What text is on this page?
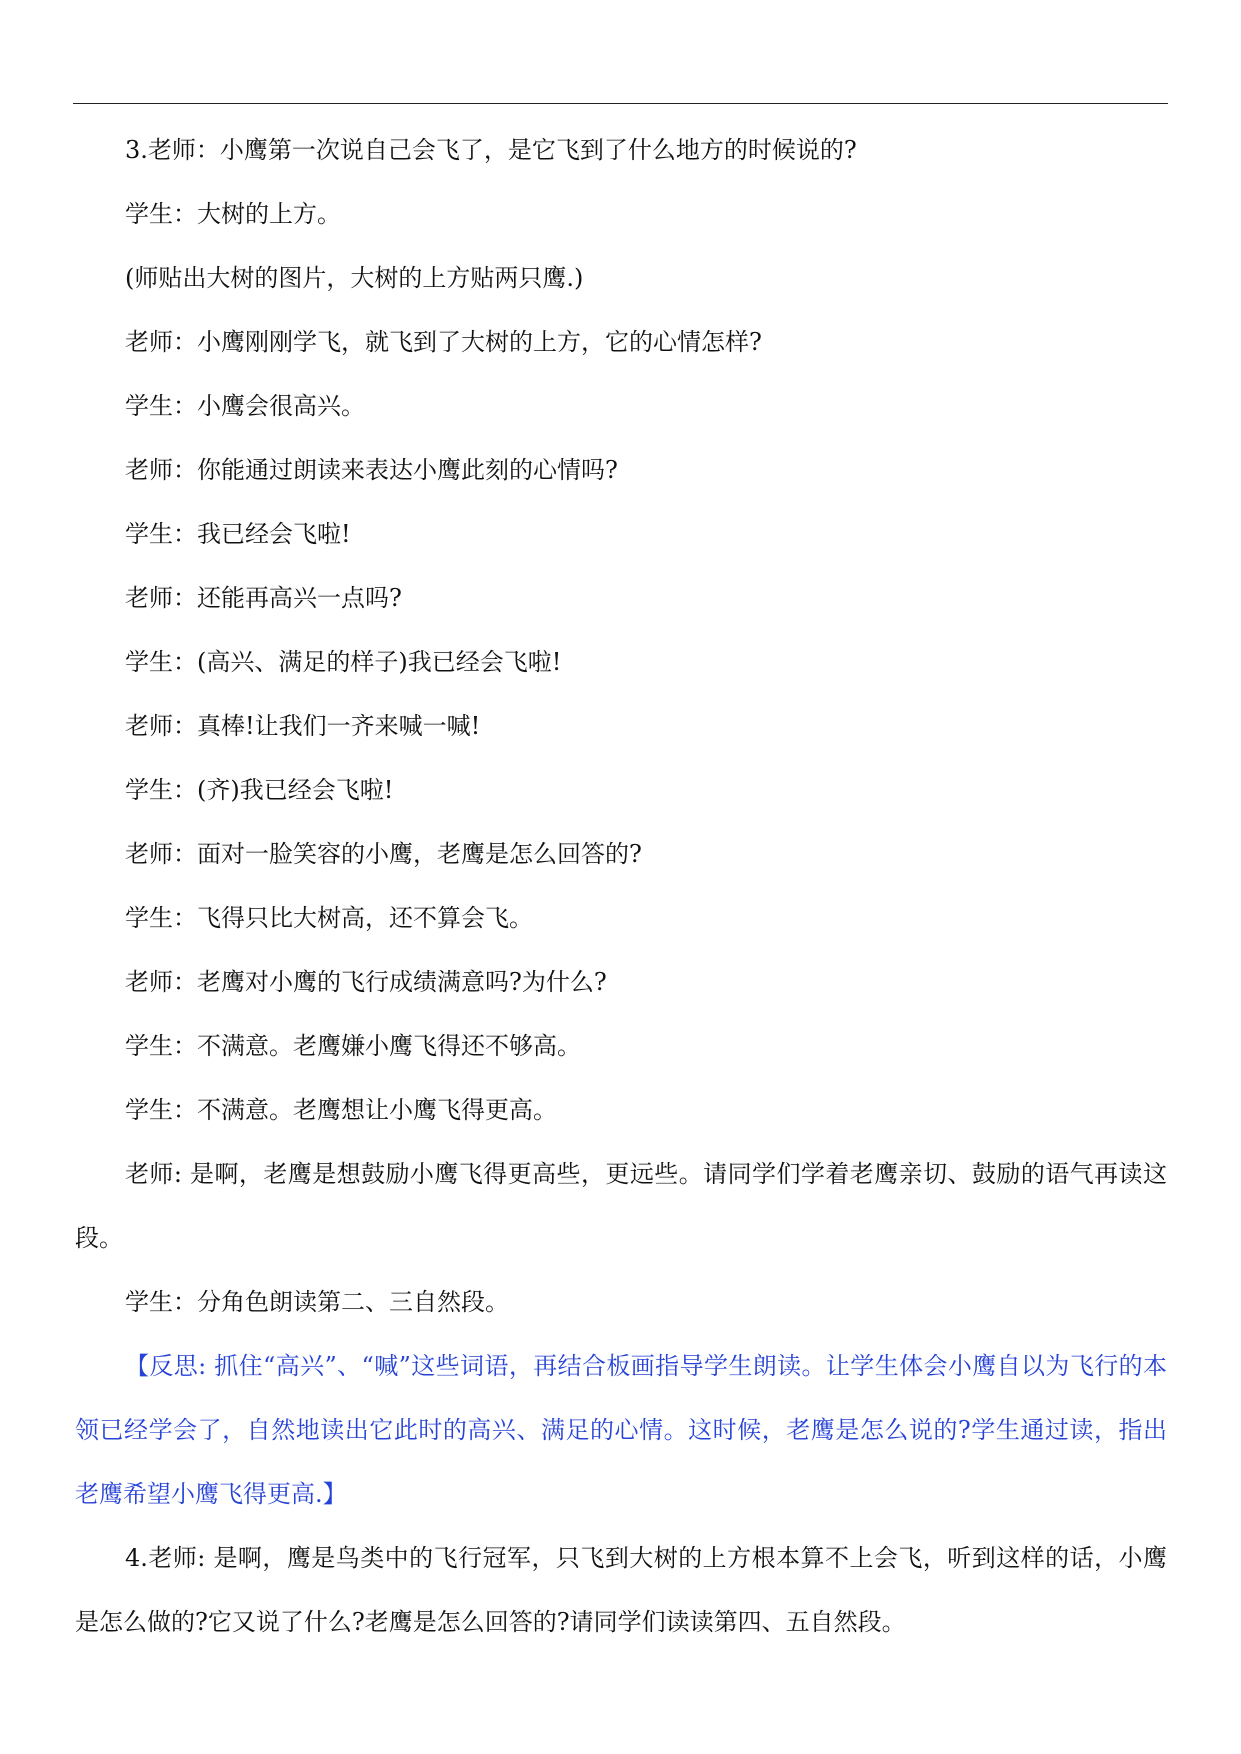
3.老师：小鹰第一次说自己会飞了，是它飞到了什么地方的时候说的?

学生：大树的上方。

(师贴出大树的图片，大树的上方贴两只鹰.)

老师：小鹰刚刚学飞，就飞到了大树的上方，它的心情怎样?

学生：小鹰会很高兴。

老师：你能通过朗读来表达小鹰此刻的心情吗?

学生：我已经会飞啦!

老师：还能再高兴一点吗?

学生：(高兴、满足的样子)我已经会飞啦!

老师：真棒!让我们一齐来喊一喊!

学生：(齐)我已经会飞啦!

老师：面对一脸笑容的小鹰，老鹰是怎么回答的?

学生：飞得只比大树高，还不算会飞。

老师：老鹰对小鹰的飞行成绩满意吗?为什么?

学生：不满意。老鹰嫌小鹰飞得还不够高。

学生：不满意。老鹰想让小鹰飞得更高。

老师: 是啊，老鹰是想鼓励小鹰飞得更高些，更远些。请同学们学着老鹰亲切、鼓励的语气再读这段。

学生：分角色朗读第二、三自然段。

【反思: 抓住“高兴”、“喊”这些词语，再结合板画指导学生朗读。让学生体会小鹰自以为飞行的本领已经学会了，自然地读出它此时的高兴、满足的心情。这时候，老鹰是怎么说的?学生通过读，指出老鹰希望小鹰飞得更高.】

4.老师: 是啊，鹰是鸟类中的飞行冠军，只飞到大树的上方根本算不上会飞，听到这样的话，小鹰是怎么做的?它又说了什么?老鹰是怎么回答的?请同学们读读第四、五自然段。
